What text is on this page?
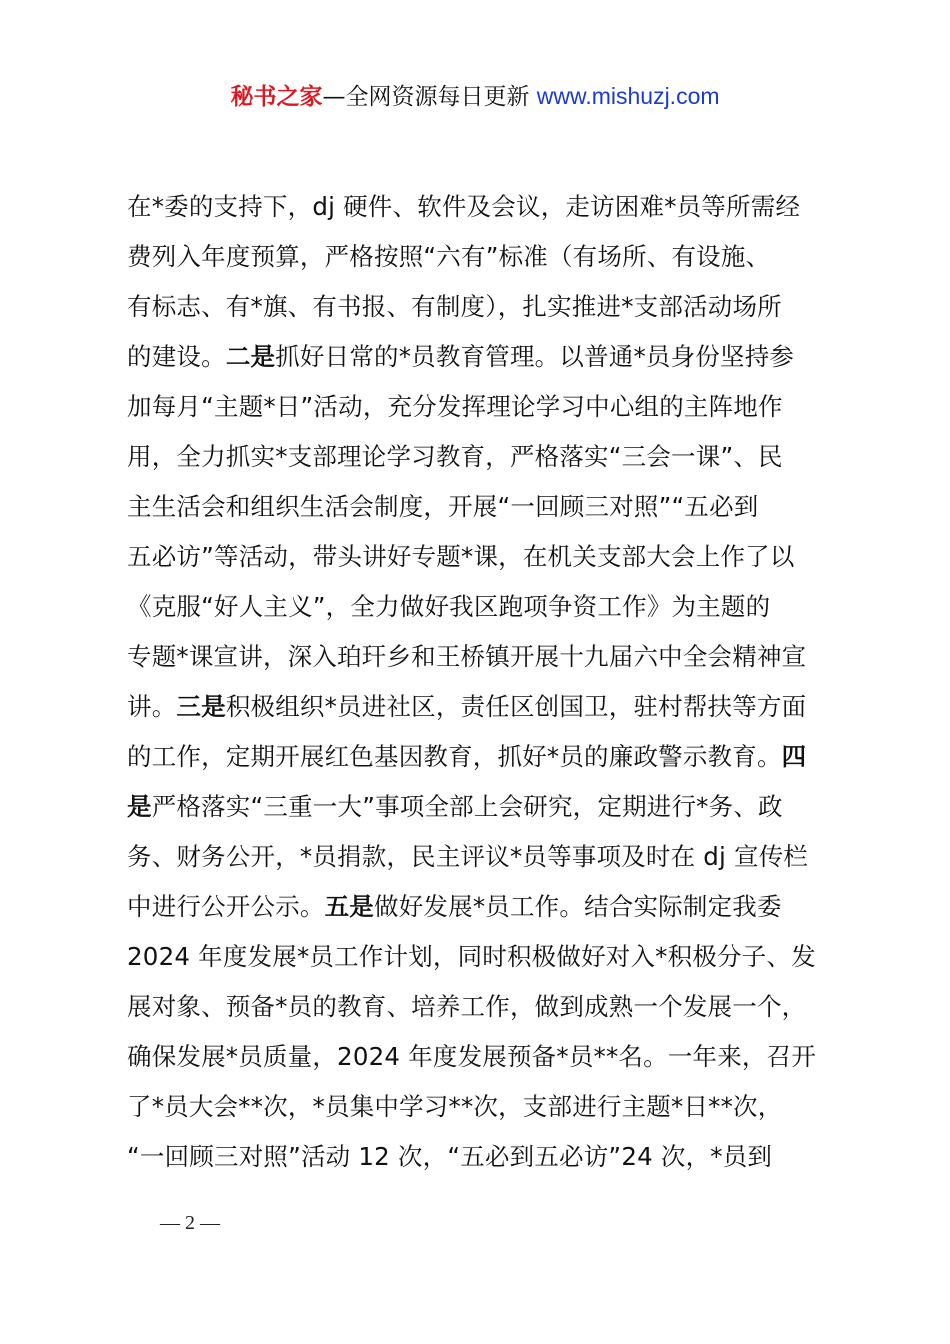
秘书之家—全网资源每日更新 www.mishuzj.com
在*委的支持下，dj 硬件、软件及会议，走访困难*员等所需经
费列入年度预算，严格按照“六有”标准（有场所、有设施、
有标志、有*旗、有书报、有制度），扎实推进*支部活动场所
的建设。二是抓好日常的*员教育管理。以普通*员身份坚持参
加每月“主题*日”活动，充分发挥理论学习中心组的主阵地作
用，全力抓实*支部理论学习教育，严格落实“三会一课”、民
主生活会和组织生活会制度，开展“一回顾三对照”“五必到
五必访”等活动，带头讲好专题*课，在机关支部大会上作了以
《克服“好人主义”，全力做好我区跑项争资工作》为主题的
专题*课宣讲，深入珀玕乡和王桥镇开展十九届六中全会精神宣
讲。三是积极组织*员进社区，责任区创国卫，驻村帮扶等方面
的工作，定期开展红色基因教育，抓好*员的廉政警示教育。四
是严格落实“三重一大”事项全部上会研究，定期进行*务、政
务、财务公开，*员捐款，民主评议*员等事项及时在 dj 宣传栏
中进行公开公示。五是做好发展*员工作。结合实际制定我委
2024 年度发展*员工作计划，同时积极做好对入*积极分子、发
展对象、预备*员的教育、培养工作，做到成熟一个发展一个，
确保发展*员质量，2024 年度发展预备*员**名。一年来，召开
了*员大会**次，*员集中学习**次，支部进行主题*日**次，
“一回顾三对照”活动 12 次，“五必到五必访”24 次，*员到
— 2 —
